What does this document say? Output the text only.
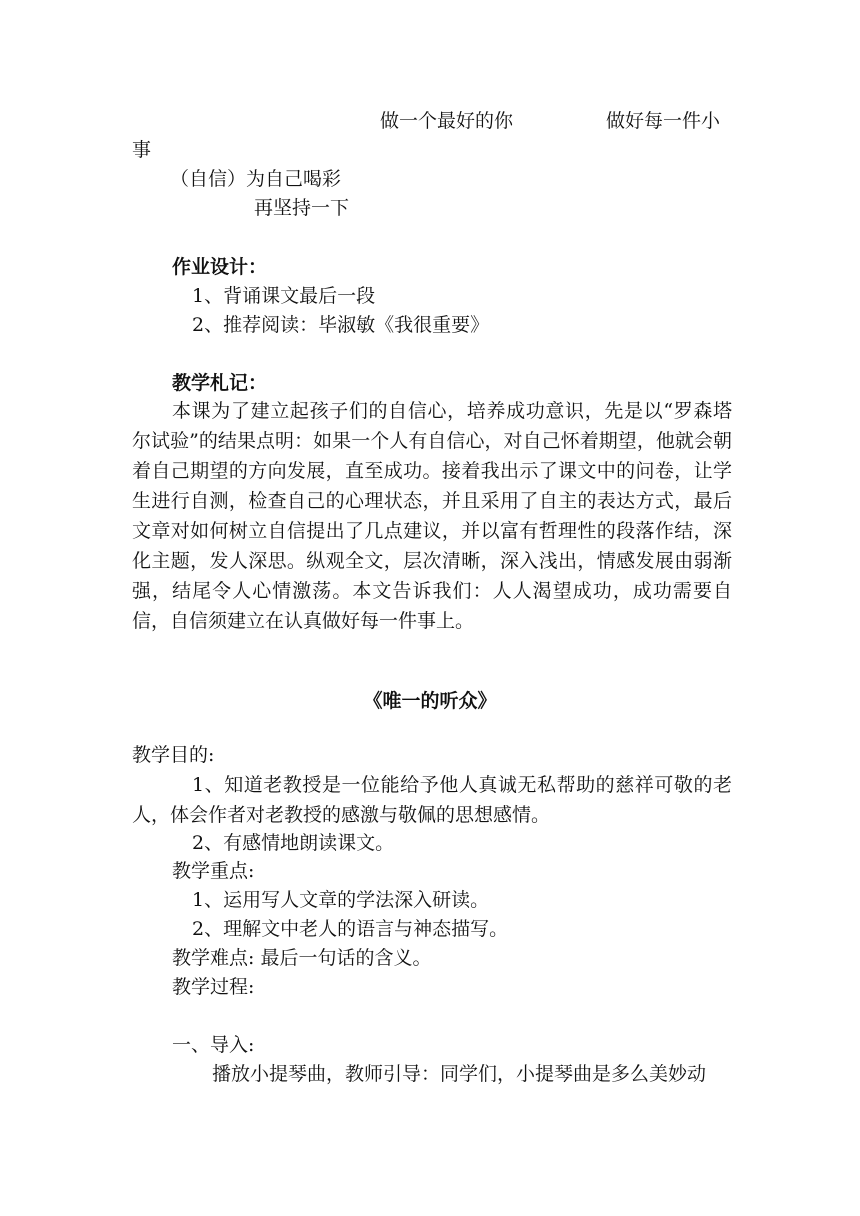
做一个最好的你	做好每一件小
事
（自信）为自己喝彩
再坚持一下
作业设计：
1、背诵课文最后一段
2、推荐阅读：毕淑敏《我很重要》
教学札记：
本课为了建立起孩子们的自信心，培养成功意识，先是以“罗森塔尔试验”的结果点明：如果一个人有自信心，对自己怀着期望，他就会朝着自己期望的方向发展，直至成功。接着我出示了课文中的问卷，让学生进行自测，检查自己的心理状态，并且采用了自主的表达方式，最后文章对如何树立自信提出了几点建议，并以富有哲理性的段落作结，深化主题，发人深思。纵观全文，层次清晰，深入浅出，情感发展由弱渐强，结尾令人心情激荡。本文告诉我们：人人渴望成功，成功需要自信，自信须建立在认真做好每一件事上。
《唯一的听众》
教学目的:
1、知道老教授是一位能给予他人真诚无私帮助的慈祥可敬的老人，体会作者对老教授的感激与敬佩的思想感情。
2、有感情地朗读课文。
教学重点:
1、运用写人文章的学法深入研读。
2、理解文中老人的语言与神态描写。
教学难点: 最后一句话的含义。
教学过程:
一、导入:
播放小提琴曲，教师引导：同学们，小提琴曲是多么美妙动
